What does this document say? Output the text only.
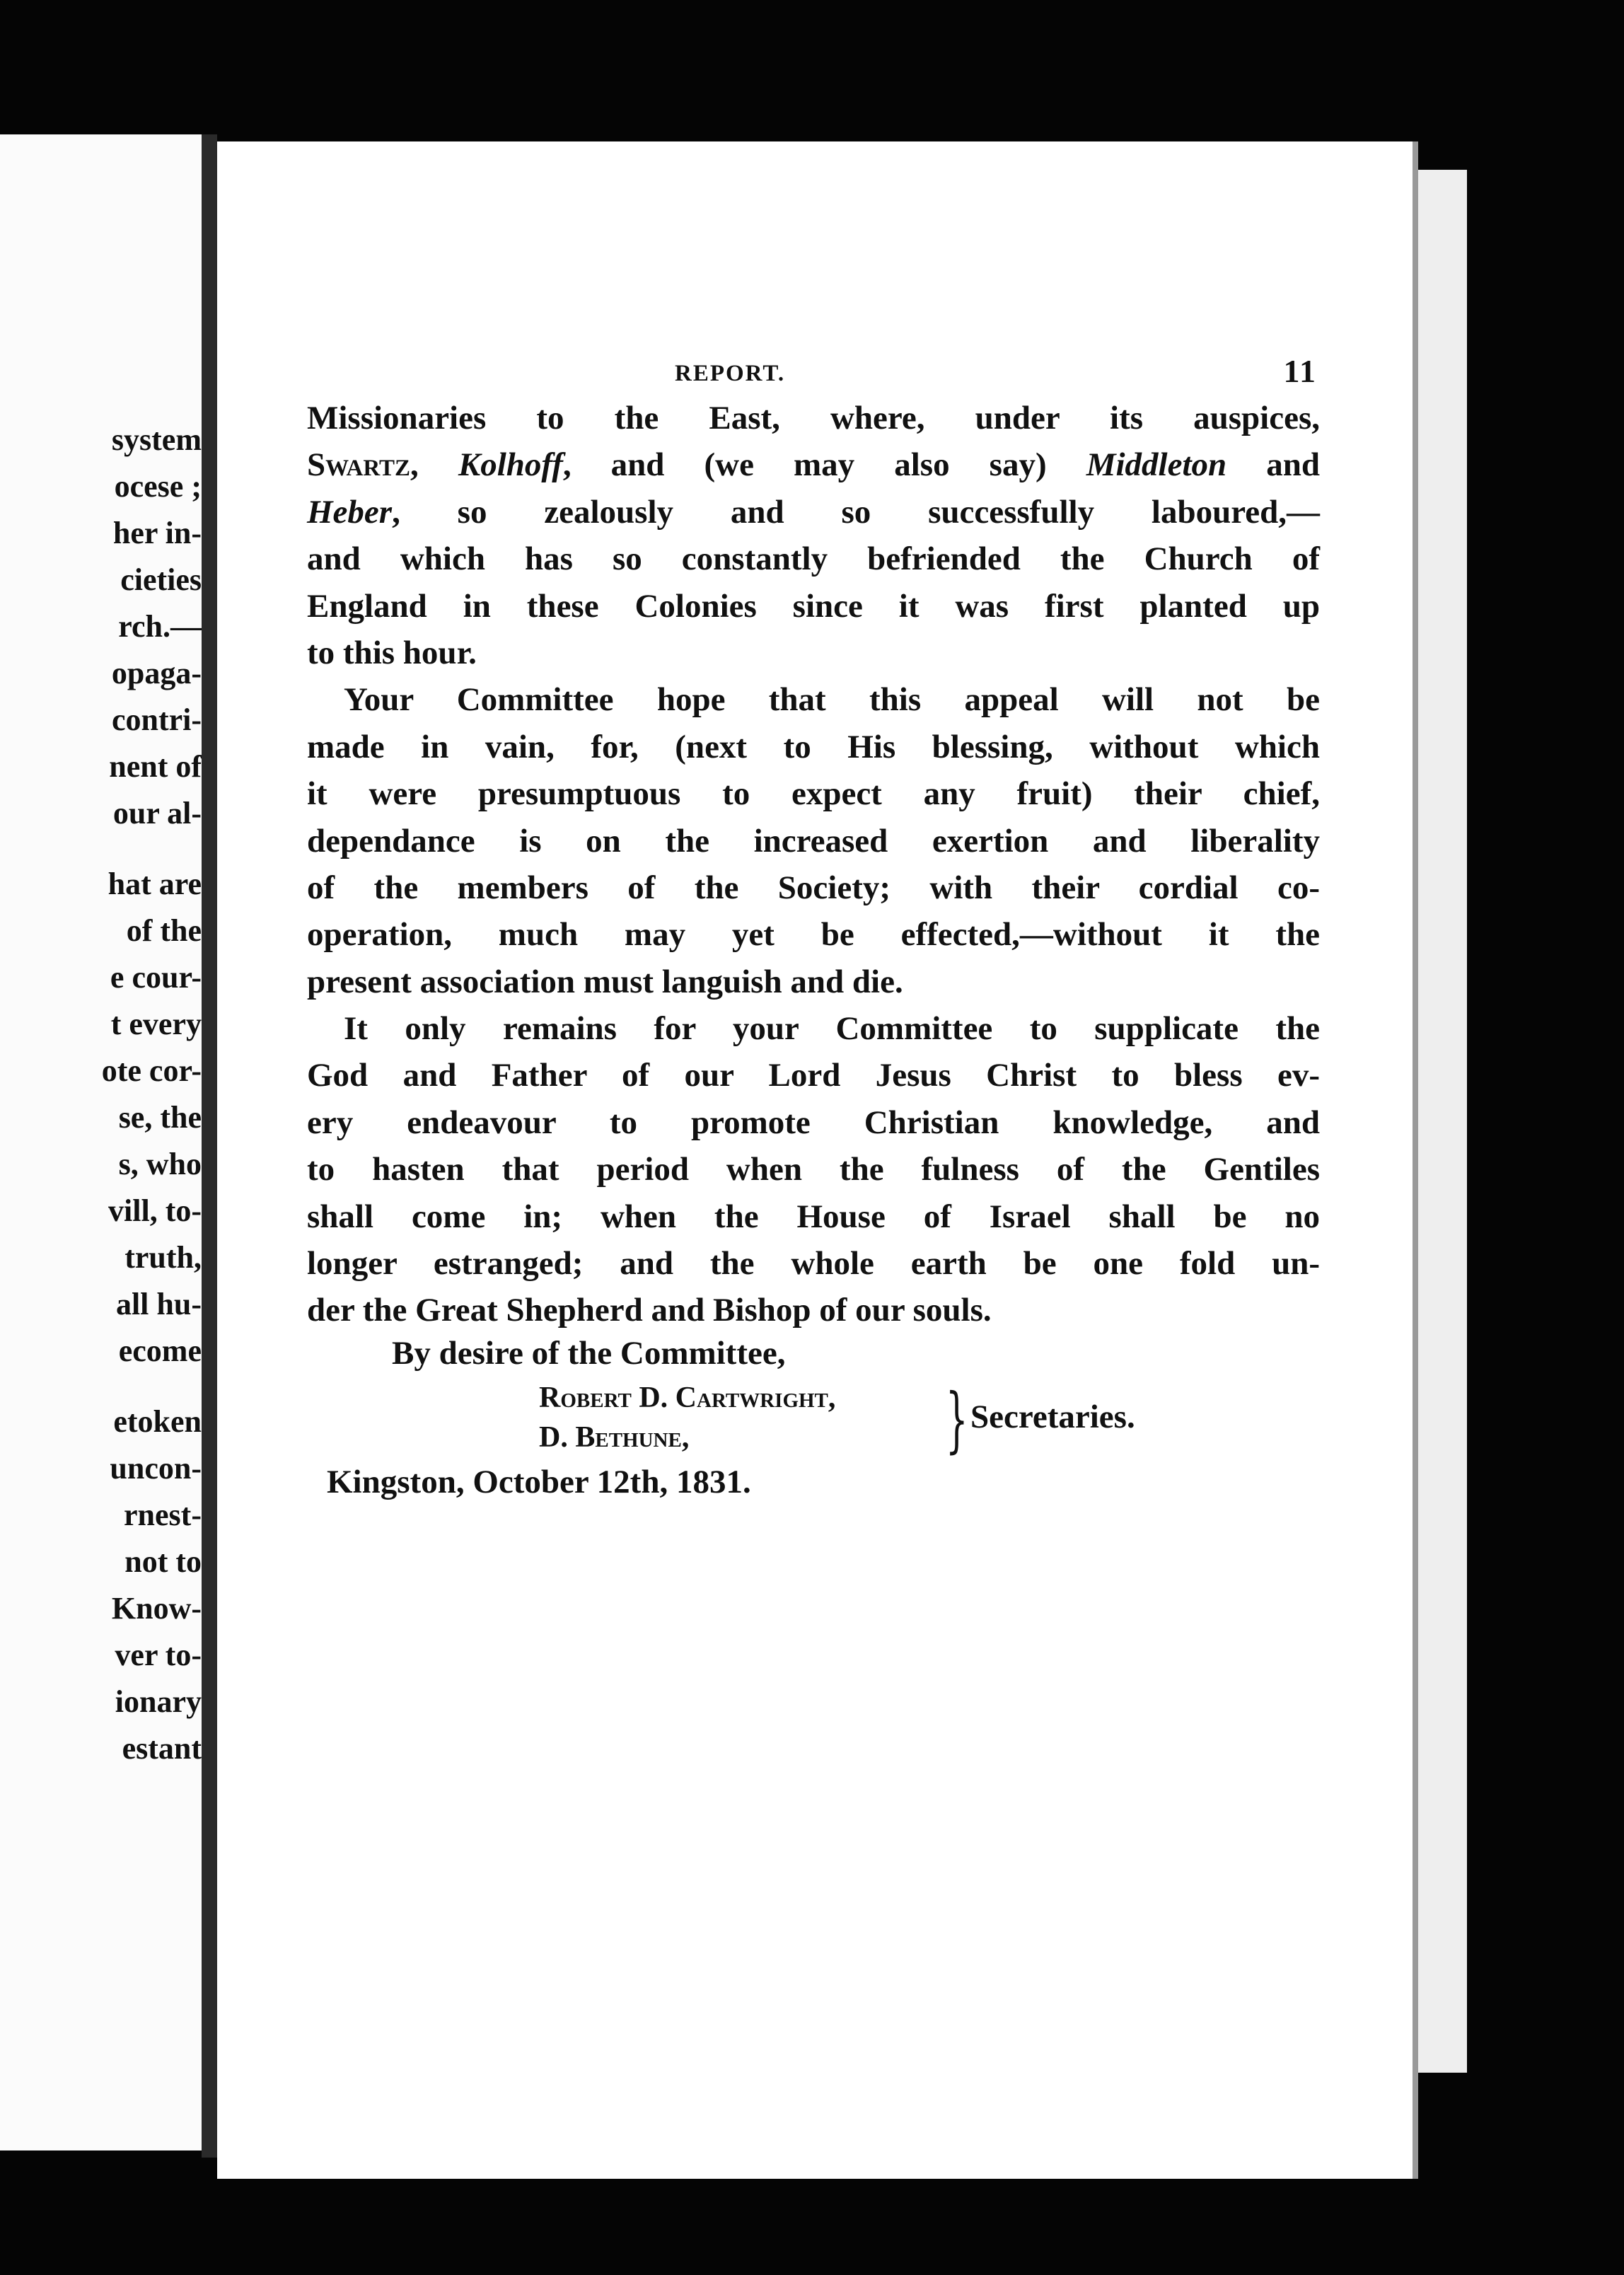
system
ocese ;
her in-
cieties
rch.—
opaga-
contri-
nent of
our al-
hat are
of the
e cour-
t every
ote cor-
se, the
s, who
vill, to-
truth,
all hu-
ecome
etoken
uncon-
rnest-
not to
Know-
ver to-
ionary
estant
REPORT.	11
Missionaries to the East, where, under its auspices,
Swartz, Kolhoff, and (we may also say) Middleton and
Heber, so zealously and so successfully laboured,—
and which has so constantly befriended the Church of
England in these Colonies since it was first planted up
to this hour.
Your Committee hope that this appeal will not be
made in vain, for, (next to His blessing, without which
it were presumptuous to expect any fruit) their chief,
dependance is on the increased exertion and liberality
of the members of the Society; with their cordial co-
operation, much may yet be effected,—without it the
present association must languish and die.
It only remains for your Committee to supplicate the
God and Father of our Lord Jesus Christ to bless ev-
ery endeavour to promote Christian knowledge, and
to hasten that period when the fulness of the Gentiles
shall come in; when the House of Israel shall be no
longer estranged; and the whole earth be one fold un-
der the Great Shepherd and Bishop of our souls.
By desire of the Committee,
Robert D. Cartwright,
D. Bethune,	} Secretaries.
Kingston, October 12th, 1831.
